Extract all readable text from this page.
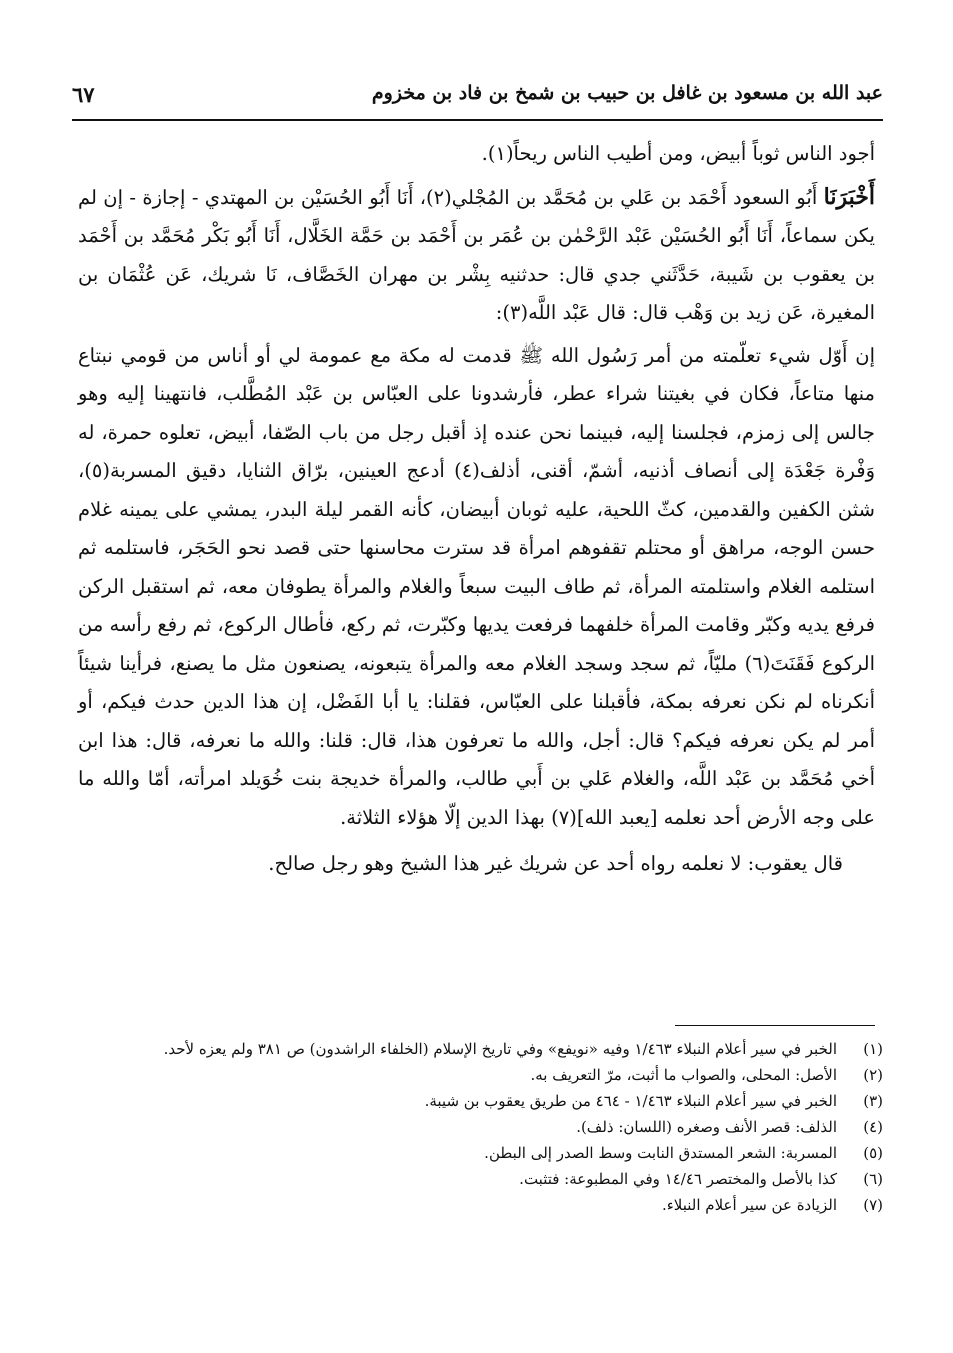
عبد الله بن مسعود بن غافل بن حبيب بن شمخ بن فاد بن مخزوم
٦٧

أجود الناس ثوباً أبيض، ومن أطيب الناس ريحاً(١).

أَخْبَرَنَا أَبُو السعود أَحْمَد بن عَلي بن مُحَمَّد بن المُجْلي(٢)، أَنَا أَبُو الحُسَيْن بن المهتدي - إجازة - إن لم يكن سماعاً، أَنَا أَبُو الحُسَيْن عَبْد الرَّحْمٰن بن عُمَر بن أَحْمَد بن حَمَّة الخَلَّال، أَنَا أَبُو بَكْر مُحَمَّد بن أَحْمَد بن يعقوب بن شَيبة، حَدَّثَني جدي قال: حدثنيه بِشْر بن مهران الخَصَّاف، نَا شريك، عَن عُثْمَان بن المغيرة، عَن زيد بن وَهْب قال: قال عَبْد اللَّه(٣):

إن أَوّل شيء تعلّمته من أمر رَسُول الله ﷺ قدمت له مكة مع عمومة لي أو أناس من قومي نبتاع منها متاعاً، فكان في بغيتنا شراء عطر، فأرشدونا على العبّاس بن عَبْد المُطَّلب، فانتهينا إليه وهو جالس إلى زمزم، فجلسنا إليه، فبينما نحن عنده إذ أقبل رجل من باب الصّفا، أبيض، تعلوه حمرة، له وَفْرة جَعْدَة إلى أنصاف أذنيه، أشمّ، أقنى، أذلف(٤) أدعج العينين، برّاق الثنايا، دقيق المسربة(٥)، شثن الكفين والقدمين، كثّ اللحية، عليه ثوبان أبيضان، كأنه القمر ليلة البدر، يمشي على يمينه غلام حسن الوجه، مراهق أو محتلم تقفوهم امرأة قد سترت محاسنها حتى قصد نحو الحَجَر، فاستلمه ثم استلمه الغلام واستلمته المرأة، ثم طاف البيت سبعاً والغلام والمرأة يطوفان معه، ثم استقبل الركن فرفع يديه وكبّر وقامت المرأة خلفهما فرفعت يديها وكبّرت، ثم ركع، فأطال الركوع، ثم رفع رأسه من الركوع فَقَنَتَ(٦) مليّاً، ثم سجد وسجد الغلام معه والمرأة يتبعونه، يصنعون مثل ما يصنع، فرأينا شيئاً أنكرناه لم نكن نعرفه بمكة، فأقبلنا على العبّاس، فقلنا: يا أبا الفَضْل، إن هذا الدين حدث فيكم، أو أمر لم يكن نعرفه فيكم؟ قال: أجل، والله ما تعرفون هذا، قال: قلنا: والله ما نعرفه، قال: هذا ابن أخي مُحَمَّد بن عَبْد اللَّه، والغلام عَلي بن أَبي طالب، والمرأة خديجة بنت خُوَيلد امرأته، أمّا والله ما على وجه الأرض أحد نعلمه [يعبد الله](٧) بهذا الدين إلّا هؤلاء الثلاثة.

قال يعقوب: لا نعلمه رواه أحد عن شريك غير هذا الشيخ وهو رجل صالح.

(١)
الخبر في سير أعلام النبلاء ١/٤٦٣ وفيه «نويفع» وفي تاريخ الإسلام (الخلفاء الراشدون) ص ٣٨١ ولم يعزه لأحد.
(٢)
الأصل: المحلى، والصواب ما أثبت، مرّ التعريف به.
(٣)
الخبر في سير أعلام النبلاء ١/٤٦٣ - ٤٦٤ من طريق يعقوب بن شيبة.
(٤)
الذلف: قصر الأنف وصغره (اللسان: ذلف).
(٥)
المسربة: الشعر المستدق النابت وسط الصدر إلى البطن.
(٦)
كذا بالأصل والمختصر ١٤/٤٦ وفي المطبوعة: فتثبت.
(٧)
الزيادة عن سير أعلام النبلاء.
